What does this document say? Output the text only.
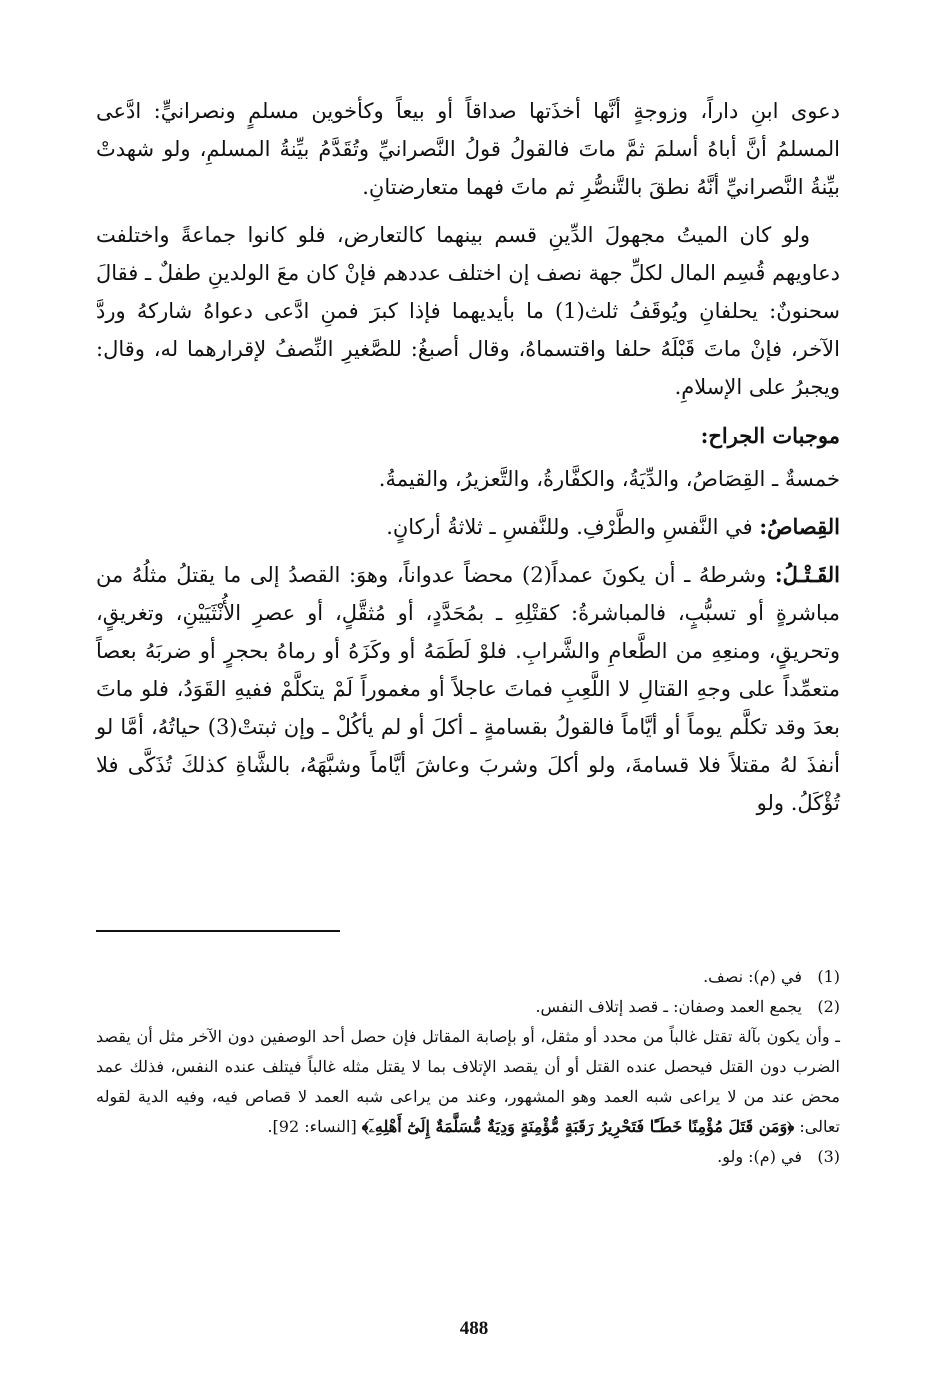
دعوى ابنِ داراً، وزوجةٍ أنَّها أخذَتها صداقاً أو بيعاً وكأخوين مسلمٍ ونصرانيٍّ: ادَّعى المسلمُ أنَّ أباهُ أسلمَ ثمَّ ماتَ فالقولُ قولُ النَّصرانيِّ وتُقَدَّمُ بيِّنةُ المسلمِ، ولو شهدتْ بيِّنةُ النَّصرانيِّ أنَّهُ نطقَ بالتَّنصُّرِ ثم ماتَ فهما متعارضتانِ.

ولو كان الميتُ مجهولَ الدِّينِ قسم بينهما كالتعارض، فلو كانوا جماعةً واختلفت دعاويهم قُسِم المال لكلِّ جهة نصف إن اختلف عددهم فإنْ كان معَ الولدينِ طفلٌ ـ فقالَ سحنونٌ: يحلفانِ ويُوقَفُ ثلث(1) ما بأيديهما فإذا كبرَ فمنِ ادَّعى دعواهُ شاركهُ وردَّ الآخر، فإنْ ماتَ قَبْلَهُ حلفا واقتسماهُ، وقال أصبغُ: للصَّغيرِ النِّصفُ لإقرارهما له، وقال: ويجبرُ على الإسلامِ.

موجبات الجراح:

خمسةٌ ـ القِصَاصُ، والدِّيَةُ، والكفَّارةُ، والتَّعزيرُ، والقيمةُ.

القِصاصُ: في النَّفسِ والطَّرْفِ. وللنَّفسِ ـ ثلاثةُ أركانٍ.

القَـتْـلُ: وشرطهُ ـ أن يكونَ عمداً(2) محضاً عدواناً، وهوَ: القصدُ إلى ما يقتلُ مثلُهُ من مباشرةٍ أو تسبُّبٍ، فالمباشرةُ: كقتْلِهِ ـ بمُحَدَّدٍ، أو مُثقَّلٍ، أو عصرِ الأُنْثَيَيْنِ، وتغريقٍ، وتحريقٍ، ومنعِهِ من الطَّعامِ والشَّرابِ. فلوْ لَطَمَهُ أو وكَزَهُ أو رماهُ بحجرٍ أو ضربَهُ بعصاً متعمِّداً على وجهِ القتالِ لا اللَّعِبِ فماتَ عاجلاً أو مغموراً لَمْ يتكلَّمْ ففيهِ القَوَدُ، فلو ماتَ بعدَ وقد تكلَّم يوماً أو أيَّاماً فالقولُ بقسامةٍ ـ أكلَ أو لم يأكُلْ ـ وإن ثبتتْ(3) حياتُهُ، أمَّا لو أنفذَ لهُ مقتلاً فلا قسامةَ، ولو أكلَ وشربَ وعاشَ أيَّاماً وشبَّهَهُ، بالشَّاةِ كذلكَ تُذَكَّى فلا تُؤْكَلُ. ولو

(1)
في (م): نصف.
(2)
يجمع العمد وصفان: ـ قصد إتلاف النفس.

ـ وأن يكون بآلة تقتل غالباً من محدد أو مثقل، أو بإصابة المقاتل فإن حصل أحد الوصفين دون الآخر مثل أن يقصد الضرب دون القتل فيحصل عنده القتل أو أن يقصد الإتلاف بما لا يقتل مثله غالباً فيتلف عنده النفس، فذلك عمد محض عند من لا يراعى شبه العمد وهو المشهور، وعند من يراعى شبه العمد لا قصاص فيه، وفيه الدية لقوله تعالى: ﴿وَمَن قَتَلَ مُؤْمِنًا خَطَـًٔا فَتَحْرِيرُ رَقَبَةٍ مُّؤْمِنَةٍ وَدِيَةٌ مُّسَلَّمَةٌ إِلَىٰٓ أَهْلِهِۦٓ﴾ [النساء: 92].

(3)
في (م): ولو.
488
